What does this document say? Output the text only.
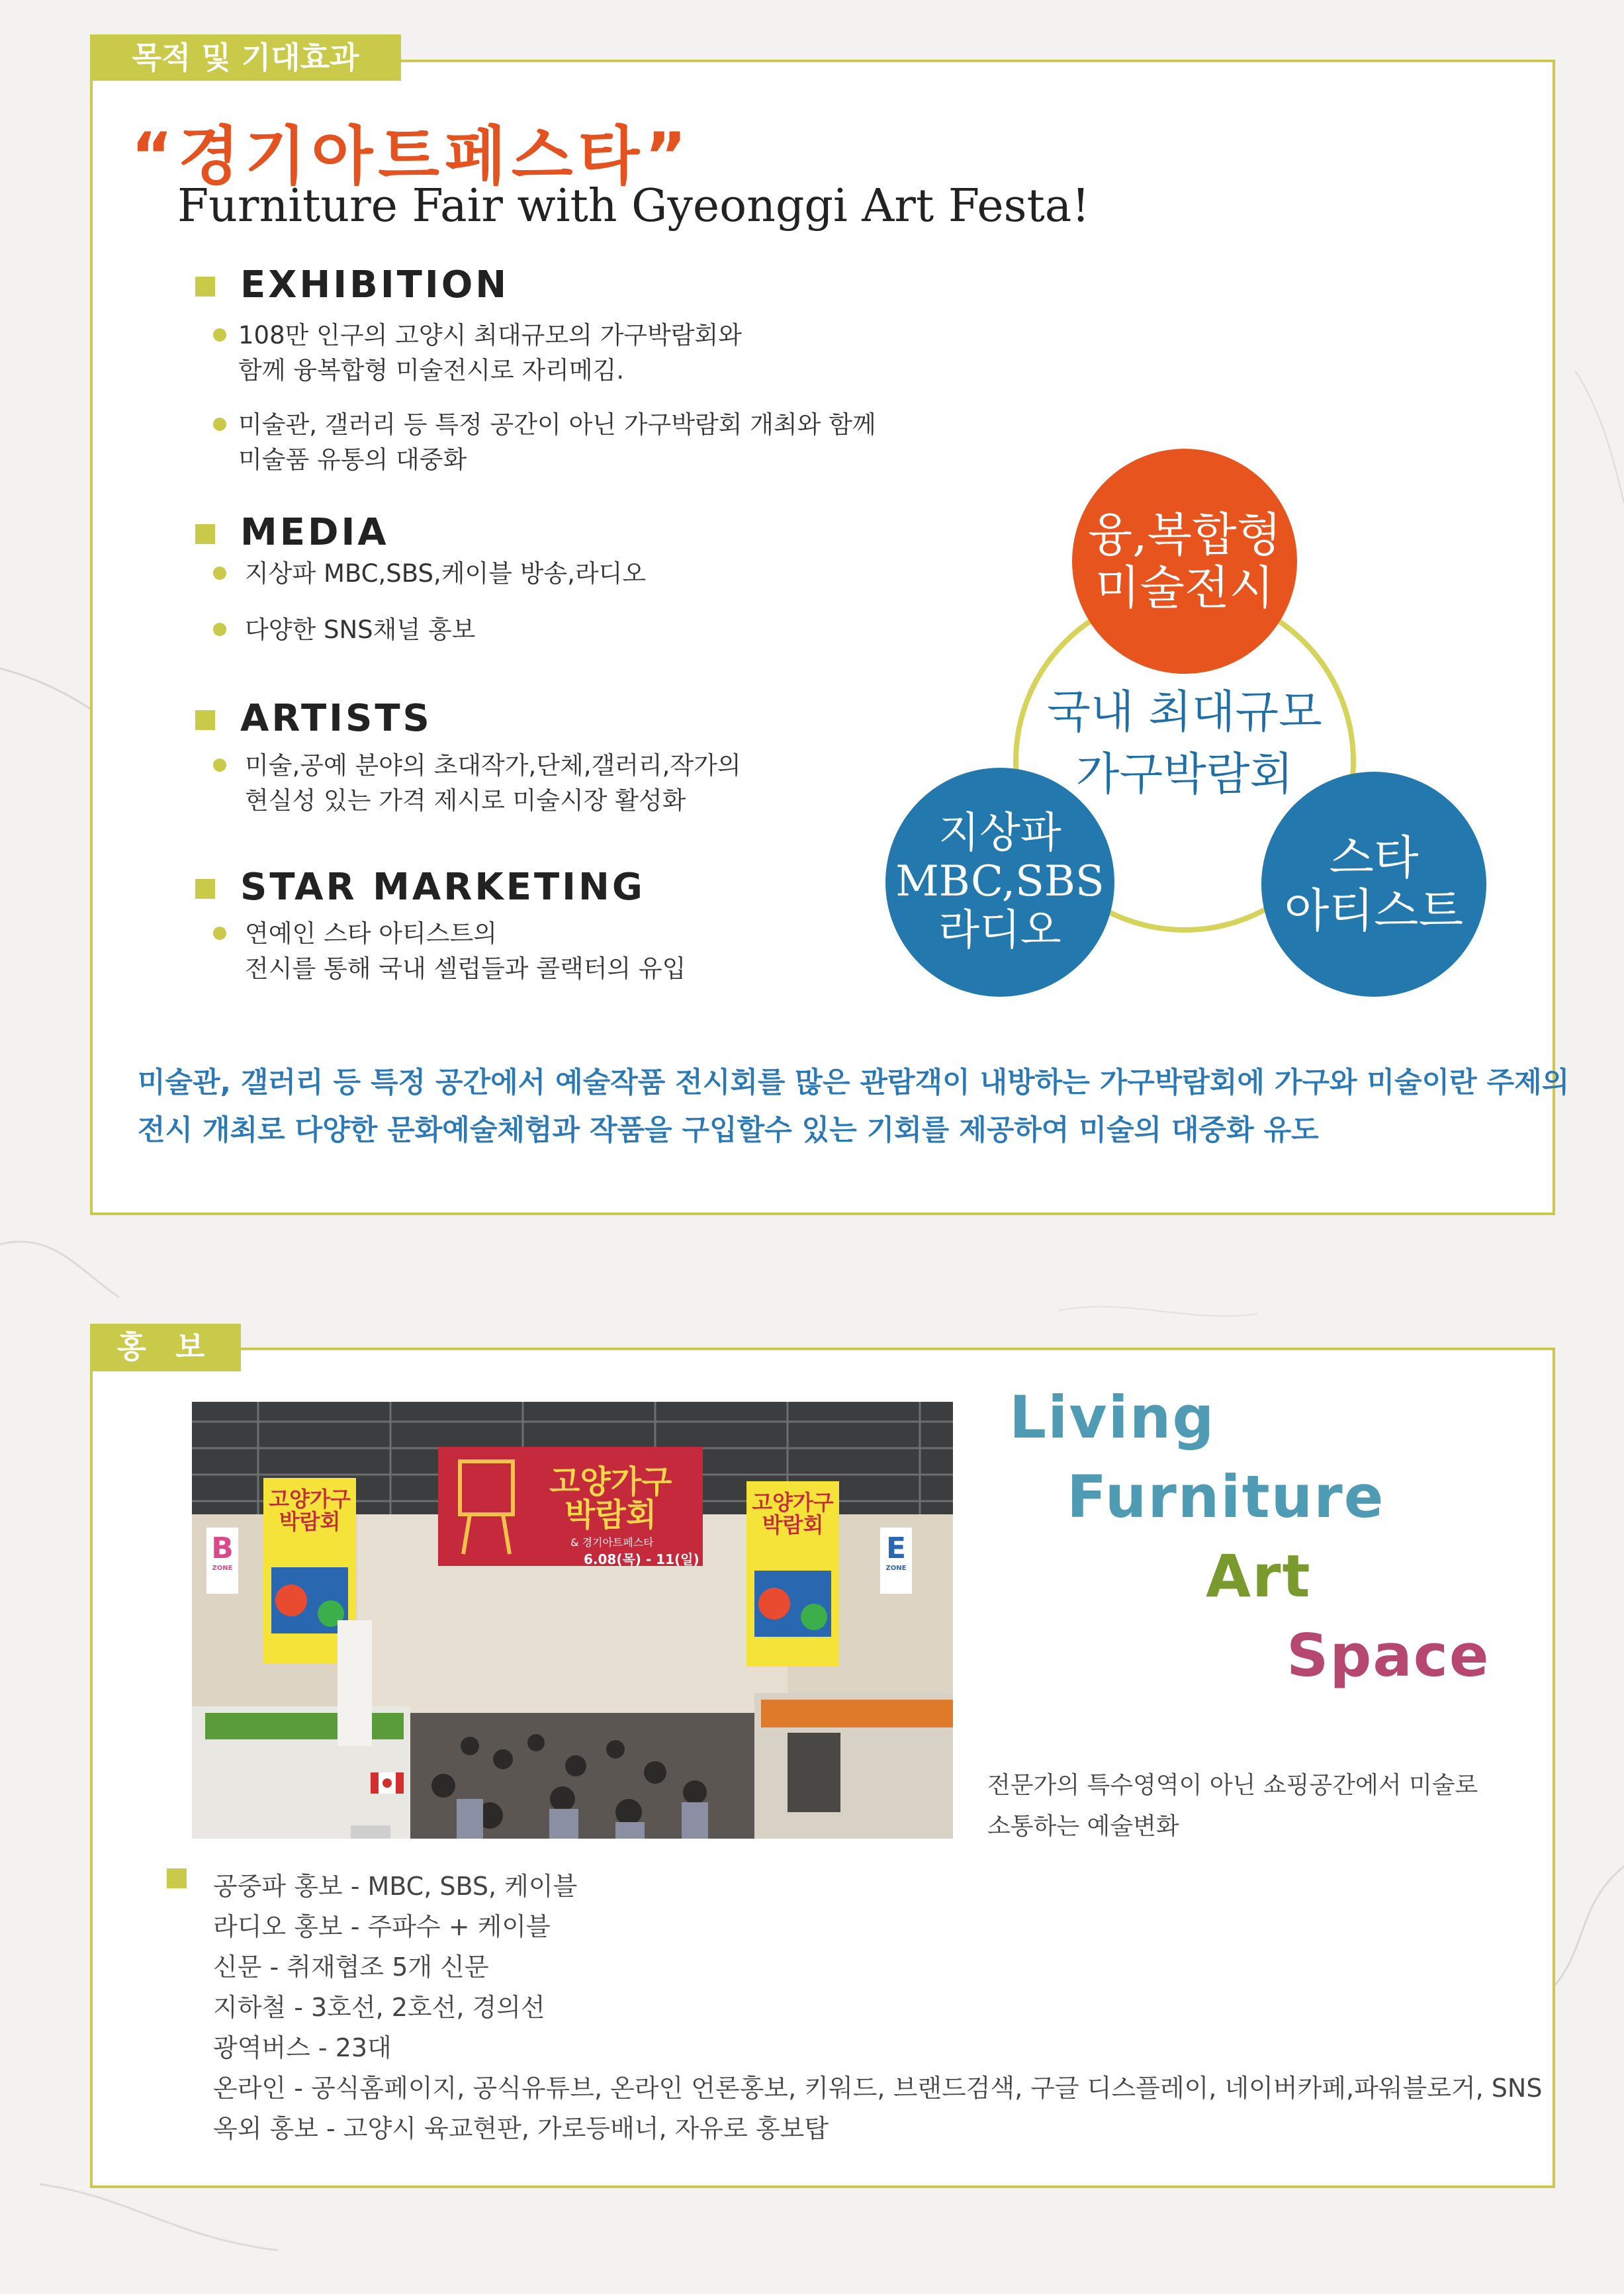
목적 및 기대효과
“경기아트페스타”
Furniture Fair with Gyeonggi Art Festa!
EXHIBITION
108만 인구의 고양시 최대규모의 가구박람회와
함께 융복합형 미술전시로 자리메김.
미술관, 갤러리 등 특정 공간이 아닌 가구박람회 개최와 함께
미술품 유통의 대중화
MEDIA
지상파 MBC,SBS,케이블 방송,라디오
다양한 SNS채널 홍보
ARTISTS
미술,공예 분야의 초대작가,단체,갤러리,작가의
현실성 있는 가격 제시로 미술시장 활성화
STAR MARKETING
연예인 스타 아티스트의
전시를 통해 국내 셀럽들과 콜랙터의 유입
국내 최대규모
가구박람회
융,복합형
미술전시
지상파
MBC,SBS
라디오
스타
아티스트
미술관, 갤러리 등 특정 공간에서 예술작품 전시회를 많은 관람객이 내방하는 가구박람회에 가구와 미술이란 주제의
전시 개최로 다양한 문화예술체험과 작품을 구입할수 있는 기회를 제공하여 미술의 대중화 유도
홍 보
고양가구
박람회
& 경기아트페스타
6.08(목) - 11(일)
고양가구
박람회
고양가구
박람회
B
ZONE
E
ZONE
Living
Furniture
Art
Space
전문가의 특수영역이 아닌 쇼핑공간에서 미술로
소통하는 예술변화
공중파 홍보 - MBC, SBS, 케이블
라디오 홍보 - 주파수 + 케이블
신문 - 취재협조 5개 신문
지하철 - 3호선, 2호선, 경의선
광역버스 - 23대
온라인 - 공식홈페이지, 공식유튜브, 온라인 언론홍보, 키워드, 브랜드검색, 구글 디스플레이, 네이버카페,파워블로거, SNS
옥외 홍보 - 고양시 육교현판, 가로등배너, 자유로 홍보탑
